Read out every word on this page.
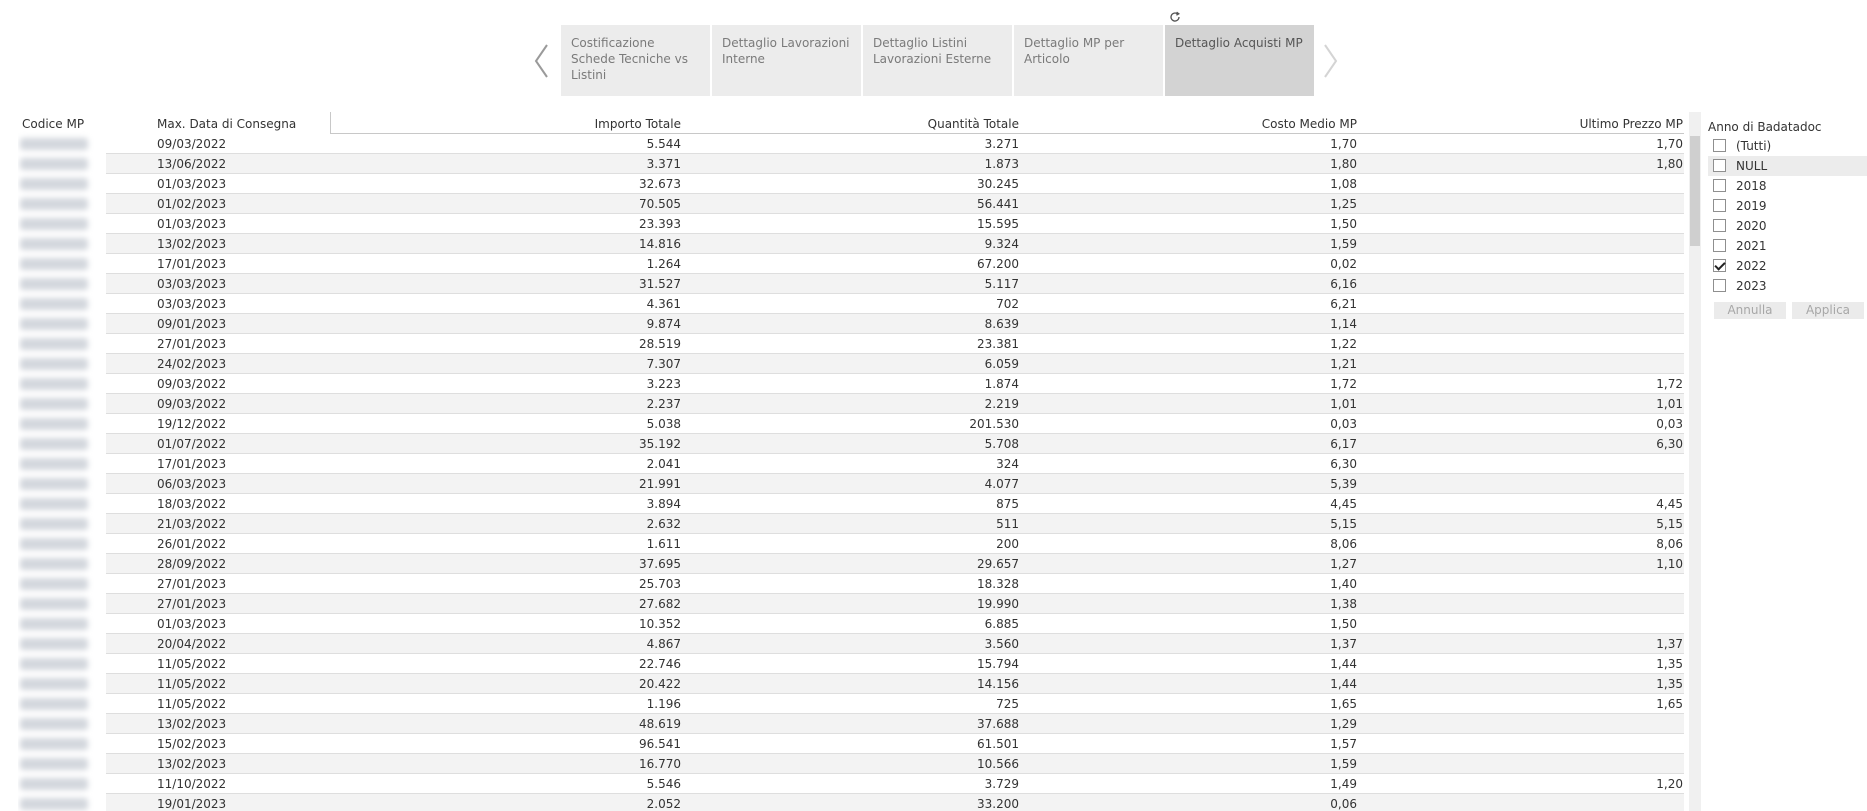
Costificazione Schede Tecniche vs Listini
Dettaglio Lavorazioni Interne
Dettaglio Listini Lavorazioni Esterne
Dettaglio MP per Articolo
Dettaglio Acquisti MP
Codice MP	Max. Data di Consegna	Importo Totale	Quantità Totale	Costo Medio MP	Ultimo Prezzo MP
09/03/2022	5.544	3.271	1,70	1,70
13/06/2022	3.371	1.873	1,80	1,80
01/03/2023	32.673	30.245	1,08
01/02/2023	70.505	56.441	1,25
01/03/2023	23.393	15.595	1,50
13/02/2023	14.816	9.324	1,59
17/01/2023	1.264	67.200	0,02
03/03/2023	31.527	5.117	6,16
03/03/2023	4.361	702	6,21
09/01/2023	9.874	8.639	1,14
27/01/2023	28.519	23.381	1,22
24/02/2023	7.307	6.059	1,21
09/03/2022	3.223	1.874	1,72	1,72
09/03/2022	2.237	2.219	1,01	1,01
19/12/2022	5.038	201.530	0,03	0,03
01/07/2022	35.192	5.708	6,17	6,30
17/01/2023	2.041	324	6,30
06/03/2023	21.991	4.077	5,39
18/03/2022	3.894	875	4,45	4,45
21/03/2022	2.632	511	5,15	5,15
26/01/2022	1.611	200	8,06	8,06
28/09/2022	37.695	29.657	1,27	1,10
27/01/2023	25.703	18.328	1,40
27/01/2023	27.682	19.990	1,38
01/03/2023	10.352	6.885	1,50
20/04/2022	4.867	3.560	1,37	1,37
11/05/2022	22.746	15.794	1,44	1,35
11/05/2022	20.422	14.156	1,44	1,35
11/05/2022	1.196	725	1,65	1,65
13/02/2023	48.619	37.688	1,29
15/02/2023	96.541	61.501	1,57
13/02/2023	16.770	10.566	1,59
11/10/2022	5.546	3.729	1,49	1,20
19/01/2023	2.052	33.200	0,06
Anno di Badatadoc
(Tutti)
NULL
2018
2019
2020
2021
2022
2023
Annulla	Applica
